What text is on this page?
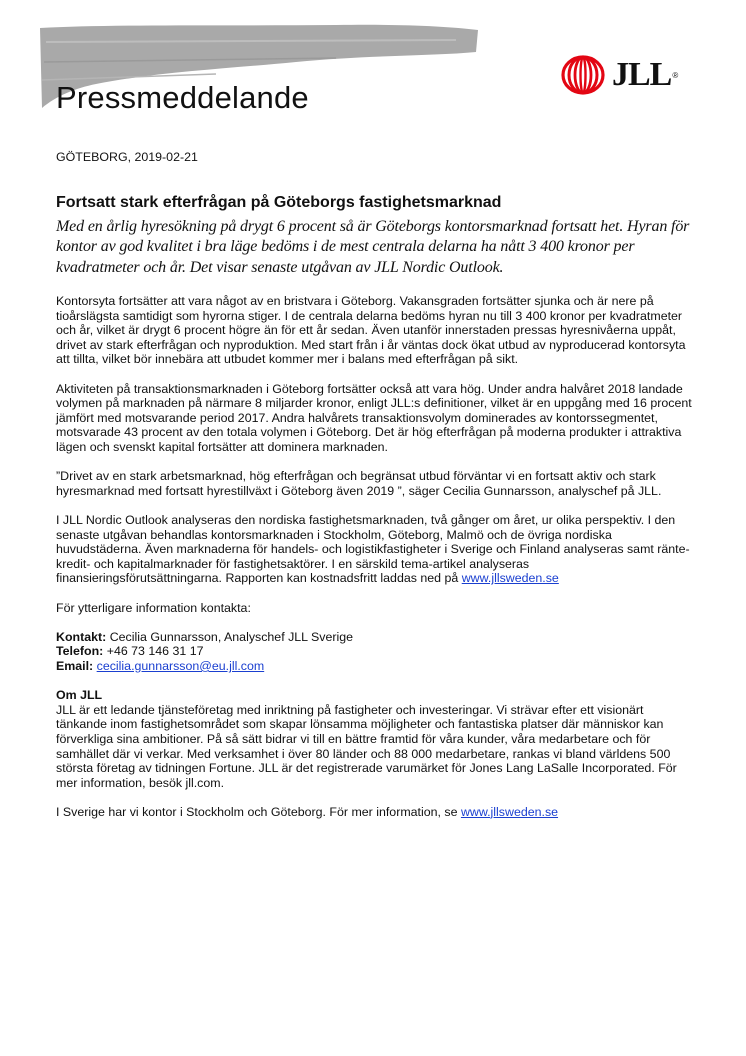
Pressmeddelande
JLL ®

GÖTEBORG, 2019-02-21

Fortsatt stark efterfrågan på Göteborgs fastighetsmarknad

Med en årlig hyresökning på drygt 6 procent så är Göteborgs kontorsmarknad fortsatt het. Hyran för kontor av god kvalitet i bra läge bedöms i de mest centrala delarna ha nått 3 400 kronor per kvadratmeter och år. Det visar senaste utgåvan av JLL Nordic Outlook.

Kontorsyta fortsätter att vara något av en bristvara i Göteborg. Vakansgraden fortsätter sjunka och är nere på tioårslägsta samtidigt som hyrorna stiger. I de centrala delarna bedöms hyran nu till 3 400 kronor per kvadratmeter och år, vilket är drygt 6 procent högre än för ett år sedan. Även utanför innerstaden pressas hyresnivåerna uppåt, drivet av stark efterfrågan och nyproduktion. Med start från i år väntas dock ökat utbud av nyproducerad kontorsyta att tillta, vilket bör innebära att utbudet kommer mer i balans med efterfrågan på sikt.

Aktiviteten på transaktionsmarknaden i Göteborg fortsätter också att vara hög. Under andra halvåret 2018 landade volymen på marknaden på närmare 8 miljarder kronor, enligt JLL:s definitioner, vilket är en uppgång med 16 procent jämfört med motsvarande period 2017. Andra halvårets transaktionsvolym dominerades av kontorssegmentet, motsvarade 43 procent av den totala volymen i Göteborg. Det är hög efterfrågan på moderna produkter i attraktiva lägen och svenskt kapital fortsätter att dominera marknaden.

”Drivet av en stark arbetsmarknad, hög efterfrågan och begränsat utbud förväntar vi en fortsatt aktiv och stark hyresmarknad med fortsatt hyrestillväxt i Göteborg även 2019 ”, säger Cecilia Gunnarsson, analyschef på JLL.

I JLL Nordic Outlook analyseras den nordiska fastighetsmarknaden, två gånger om året, ur olika perspektiv. I den senaste utgåvan behandlas kontorsmarknaden i Stockholm, Göteborg, Malmö och de övriga nordiska huvudstäderna. Även marknaderna för handels- och logistikfastigheter i Sverige och Finland analyseras samt ränte- kredit- och kapitalmarknader för fastighetsaktörer. I en särskild tema-artikel analyseras finansieringsförutsättningarna. Rapporten kan kostnadsfritt laddas ned på www.jllsweden.se

För ytterligare information kontakta:

Kontakt: Cecilia Gunnarsson, Analyschef JLL Sverige
Telefon: +46 73 146 31 17
Email: cecilia.gunnarsson@eu.jll.com

Om JLL
JLL är ett ledande tjänsteföretag med inriktning på fastigheter och investeringar. Vi strävar efter ett visionärt tänkande inom fastighetsområdet som skapar lönsamma möjligheter och fantastiska platser där människor kan förverkliga sina ambitioner. På så sätt bidrar vi till en bättre framtid för våra kunder, våra medarbetare och för samhället där vi verkar. Med verksamhet i över 80 länder och 88 000 medarbetare, rankas vi bland världens 500 största företag av tidningen Fortune. JLL är det registrerade varumärket för Jones Lang LaSalle Incorporated. För mer information, besök jll.com.

I Sverige har vi kontor i Stockholm och Göteborg. För mer information, se www.jllsweden.se
